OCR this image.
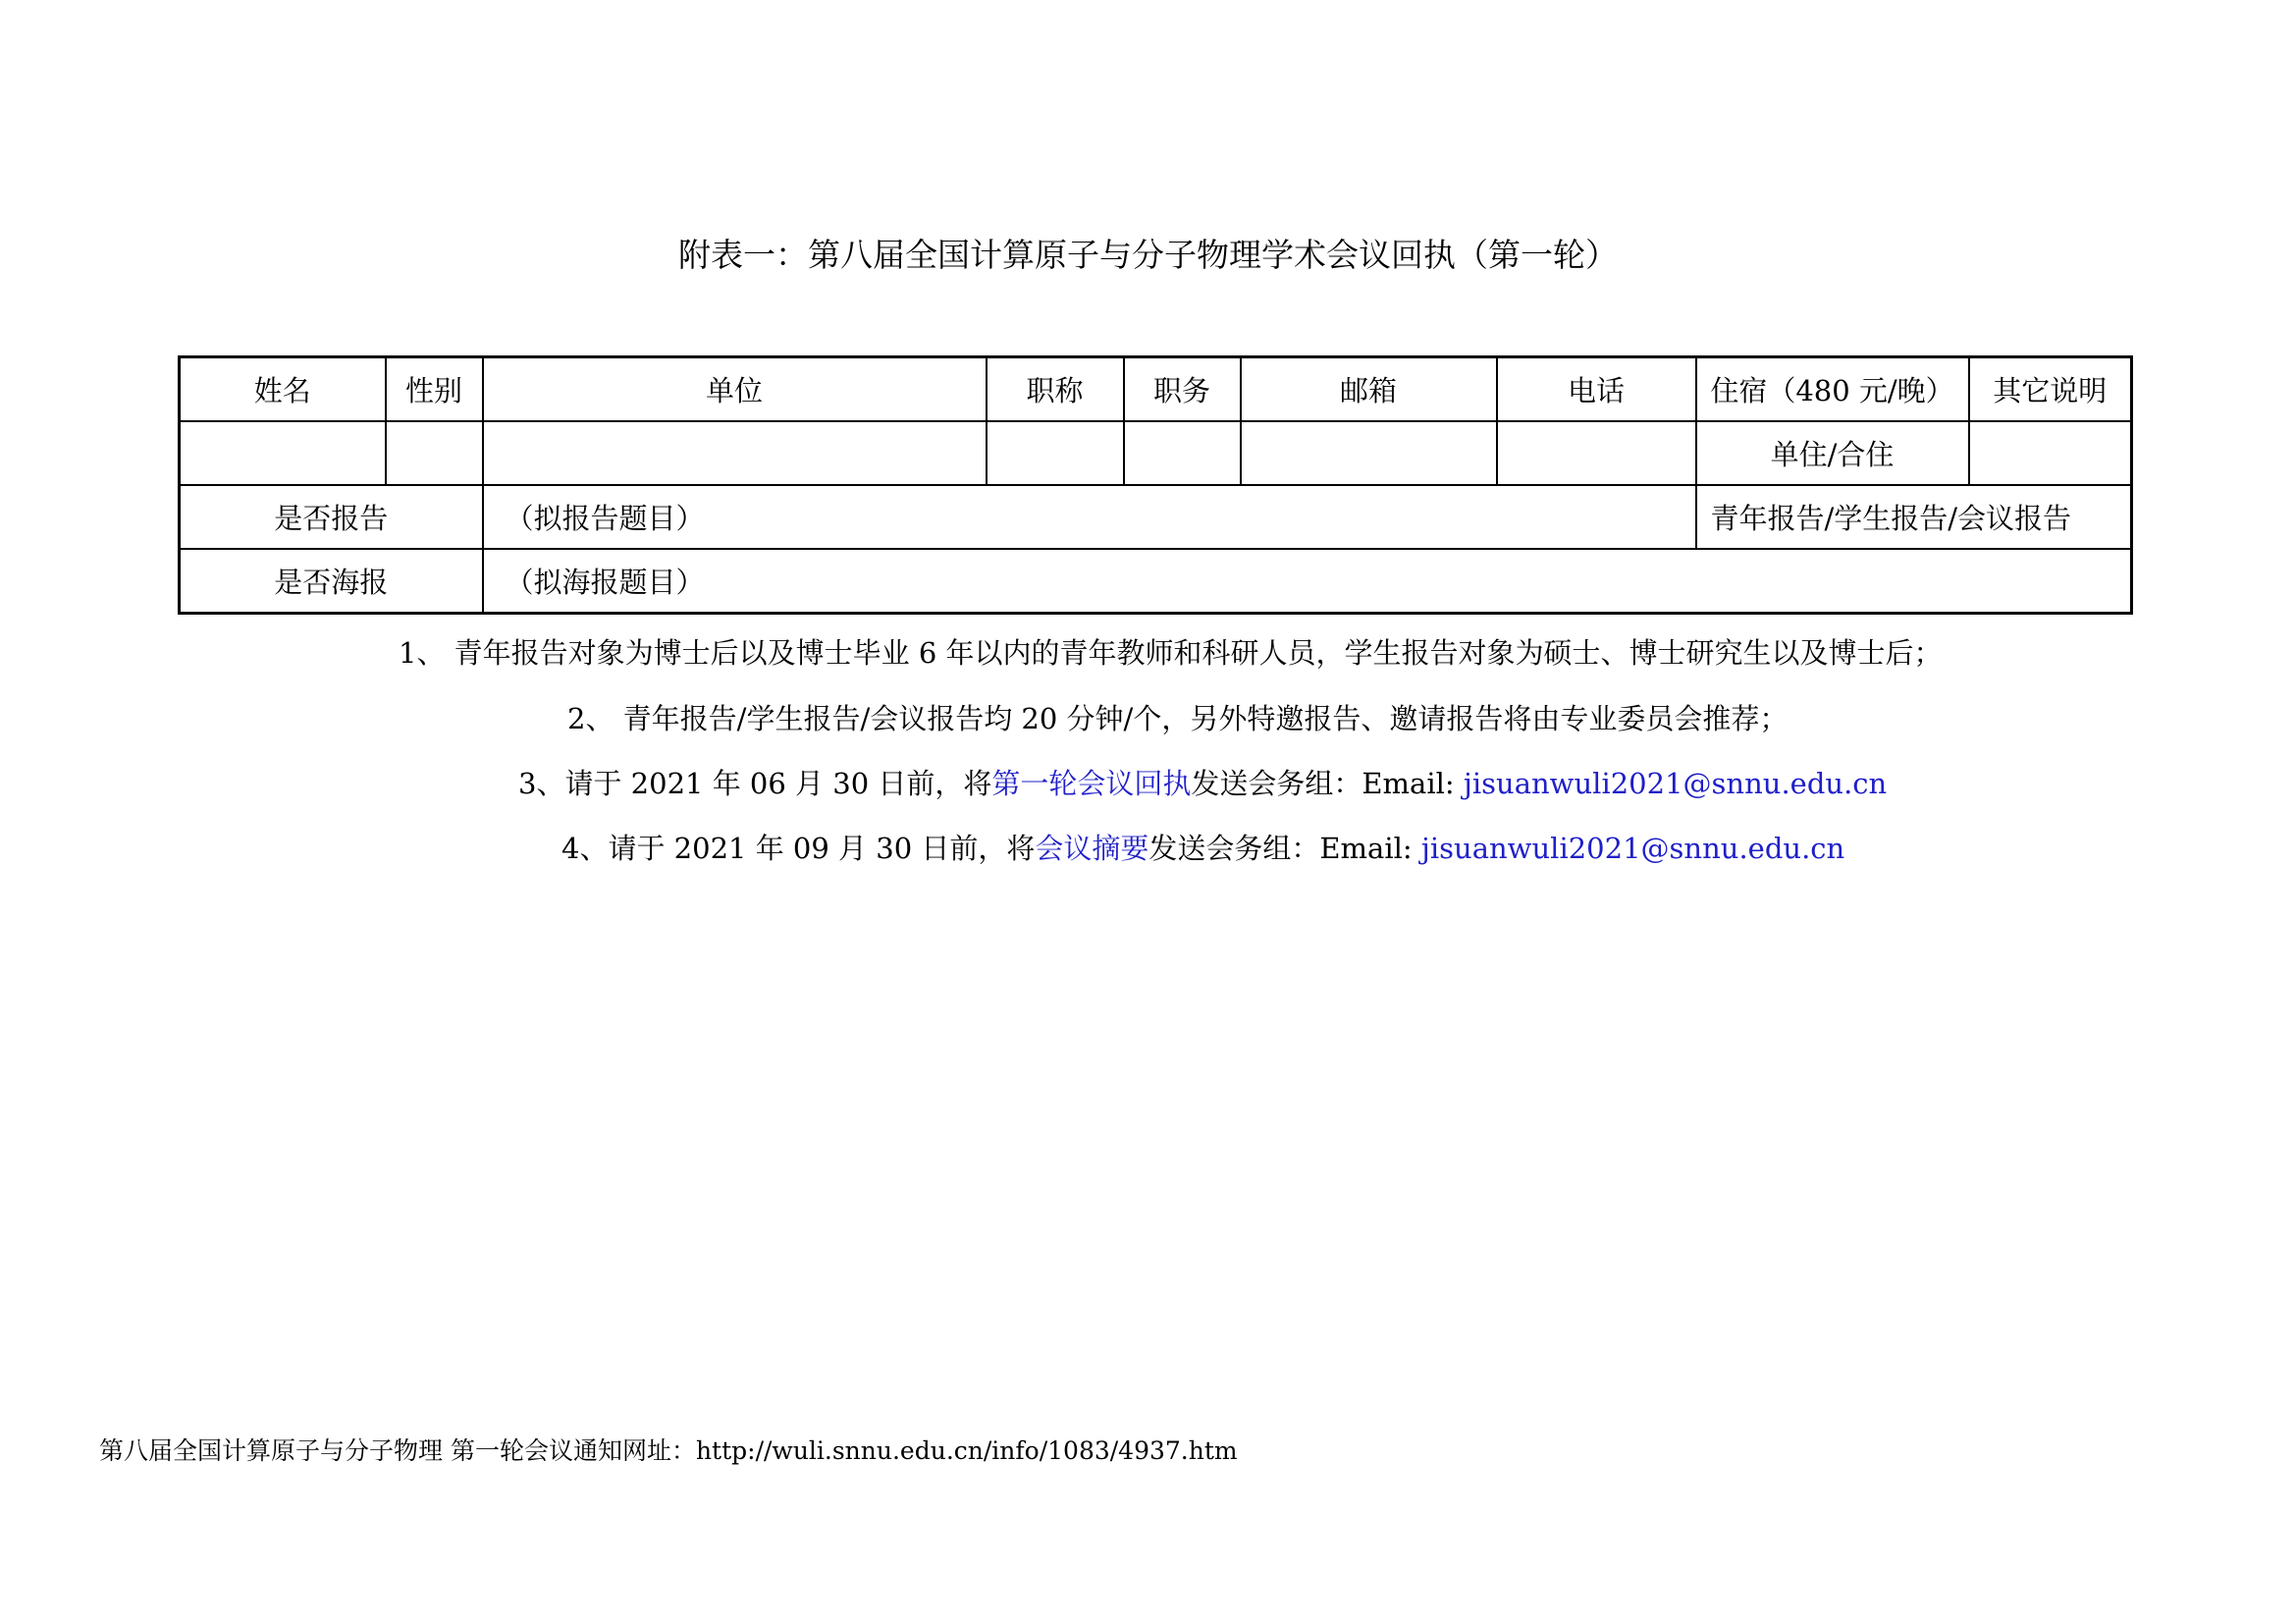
附表一：第八届全国计算原子与分子物理学术会议回执（第一轮）
姓名	性别	单位	职称	职务	邮箱	电话	住宿（480 元/晚）	其它说明
							单住/合住	
是否报告		（拟报告题目）					青年报告/学生报告/会议报告	
是否海报		（拟海报题目）						
1、 青年报告对象为博士后以及博士毕业 6 年以内的青年教师和科研人员，学生报告对象为硕士、博士研究生以及博士后；
2、 青年报告/学生报告/会议报告均 20 分钟/个，另外特邀报告、邀请报告将由专业委员会推荐；
3、请于 2021 年 06 月 30 日前，将第一轮会议回执发送会务组：Email: jisuanwuli2021@snnu.edu.cn
4、请于 2021 年 09 月 30 日前，将会议摘要发送会务组：Email: jisuanwuli2021@snnu.edu.cn
第八届全国计算原子与分子物理 第一轮会议通知网址：http://wuli.snnu.edu.cn/info/1083/4937.htm
